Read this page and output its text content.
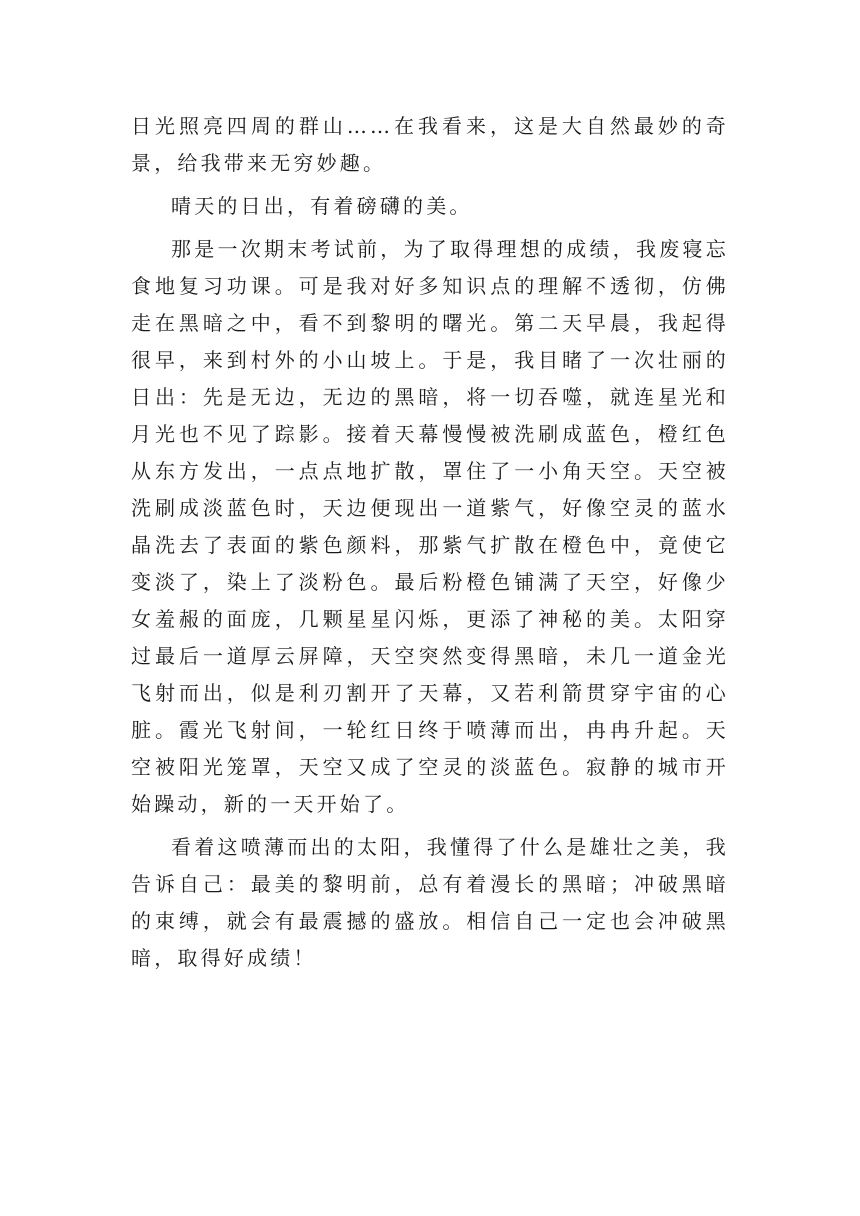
日光照亮四周的群山……在我看来，这是大自然最妙的奇景，给我带来无穷妙趣。

晴天的日出，有着磅礴的美。

那是一次期末考试前，为了取得理想的成绩，我废寝忘食地复习功课。可是我对好多知识点的理解不透彻，仿佛走在黑暗之中，看不到黎明的曙光。第二天早晨，我起得很早，来到村外的小山坡上。于是，我目睹了一次壮丽的日出：先是无边，无边的黑暗，将一切吞噬，就连星光和月光也不见了踪影。接着天幕慢慢被洗刷成蓝色，橙红色从东方发出，一点点地扩散，罩住了一小角天空。天空被洗刷成淡蓝色时，天边便现出一道紫气，好像空灵的蓝水晶洗去了表面的紫色颜料，那紫气扩散在橙色中，竟使它变淡了，染上了淡粉色。最后粉橙色铺满了天空，好像少女羞赧的面庞，几颗星星闪烁，更添了神秘的美。太阳穿过最后一道厚云屏障，天空突然变得黑暗，未几一道金光飞射而出，似是利刃割开了天幕，又若利箭贯穿宇宙的心脏。霞光飞射间，一轮红日终于喷薄而出，冉冉升起。天空被阳光笼罩，天空又成了空灵的淡蓝色。寂静的城市开始躁动，新的一天开始了。

看着这喷薄而出的太阳，我懂得了什么是雄壮之美，我告诉自己：最美的黎明前，总有着漫长的黑暗；冲破黑暗的束缚，就会有最震撼的盛放。相信自己一定也会冲破黑暗，取得好成绩！
